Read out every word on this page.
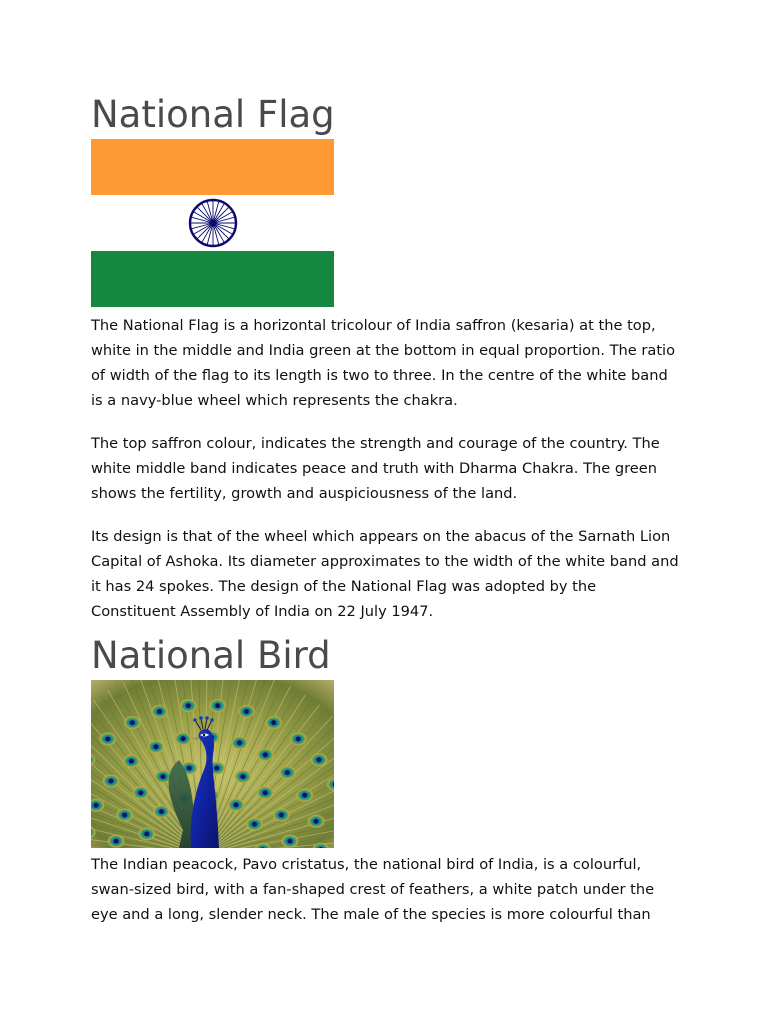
National Flag

The National Flag is a horizontal tricolour of India saffron (kesaria) at the top, white in the middle and India green at the bottom in equal proportion. The ratio of width of the flag to its length is two to three. In the centre of the white band is a navy-blue wheel which represents the chakra.

The top saffron colour, indicates the strength and courage of the country. The white middle band indicates peace and truth with Dharma Chakra. The green shows the fertility, growth and auspiciousness of the land.

Its design is that of the wheel which appears on the abacus of the Sarnath Lion Capital of Ashoka. Its diameter approximates to the width of the white band and it has 24 spokes. The design of the National Flag was adopted by the Constituent Assembly of India on 22 July 1947.

National Bird

The Indian peacock, Pavo cristatus, the national bird of India, is a colourful, swan-sized bird, with a fan-shaped crest of feathers, a white patch under the eye and a long, slender neck. The male of the species is more colourful than
